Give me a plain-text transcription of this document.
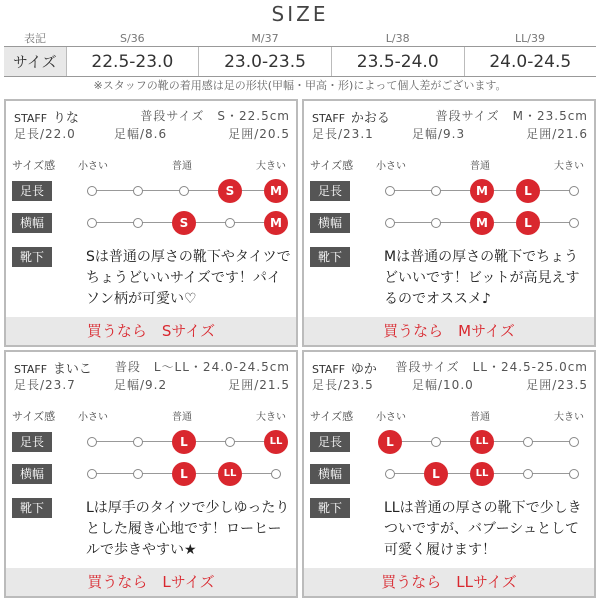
SIZE
表記	S/36	M/37	L/38	LL/39
サイズ	22.5-23.0	23.0-23.5	23.5-24.0	24.0-24.5
※スタッフの靴の着用感は足の形状(甲幅・甲高・形)によって個人差がございます。
STAFF りな	普段サイズ　S・22.5cm
足長/22.0	足幅/8.6	足囲/20.5
サイズ感 小さい	普通	大きい
足長	S	M
横幅	S	M
靴下	Sは普通の厚さの靴下やタイツでちょうどいいサイズです！パイソン柄が可愛い♡
買うなら　Sサイズ
STAFF かおる	普段サイズ　M・23.5cm
足長/23.1	足幅/9.3	足囲/21.6
サイズ感 小さい	普通	大きい
足長	M	L
横幅	M	L
靴下	Mは普通の厚さの靴下でちょうどいいです！ビットが高見えするのでオススメ♪
買うなら　Mサイズ
STAFF まいこ 普段　L〜LL・24.0-24.5cm
足長/23.7	足幅/9.2	足囲/21.5
サイズ感 小さい	普通	大きい
足長	L	LL
横幅	L	LL
靴下	Lは厚手のタイツで少しゆったりとした履き心地です！ローヒールで歩きやすい★
買うなら　Lサイズ
STAFF ゆか 普段サイズ　LL・24.5-25.0cm
足長/23.5	足幅/10.0	足囲/23.5
サイズ感 小さい	普通	大きい
足長	L	LL
横幅	L	LL
靴下	LLは普通の厚さの靴下で少しきついですが、バブーシュとして可愛く履けます！
買うなら　LLサイズ
